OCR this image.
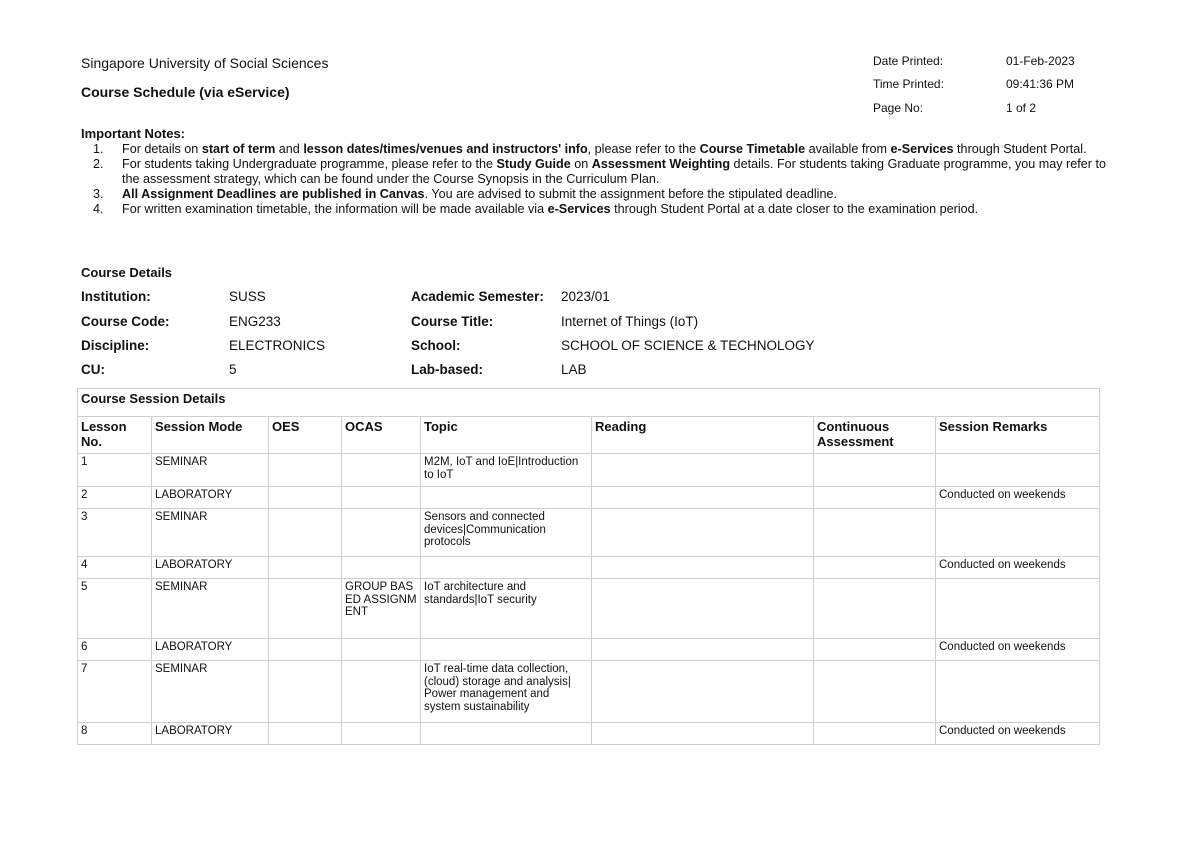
Singapore University of Social Sciences
Course Schedule (via eService)
Date Printed:	01-Feb-2023
Time Printed:	09:41:36 PM
Page No:	1 of 2
Important Notes:
1. For details on start of term and lesson dates/times/venues and instructors' info, please refer to the Course Timetable available from e-Services through Student Portal.
2. For students taking Undergraduate programme, please refer to the Study Guide on Assessment Weighting details. For students taking Graduate programme, you may refer to the assessment strategy, which can be found under the Course Synopsis in the Curriculum Plan.
3. All Assignment Deadlines are published in Canvas. You are advised to submit the assignment before the stipulated deadline.
4. For written examination timetable, the information will be made available via e-Services through Student Portal at a date closer to the examination period.
Course Details
Institution:	SUSS
Course Code:	ENG233
Discipline:	ELECTRONICS
CU:	5
Academic Semester: 2023/01
Course Title:	Internet of Things (IoT)
School:	SCHOOL OF SCIENCE & TECHNOLOGY
Lab-based:	LAB
Course Session Details							
Lesson No.	Session Mode	OES	OCAS	Topic	Reading	Continuous Assessment	Session Remarks
1	SEMINAR			M2M, IoT and IoE|Introduction to IoT			
2	LABORATORY						Conducted on weekends
3	SEMINAR			Sensors and connected devices|Communication protocols			
4	LABORATORY						Conducted on weekends
5	SEMINAR		GROUP BASED ASSIGNMENT	IoT architecture and standards|IoT security			
6	LABORATORY						Conducted on weekends
7	SEMINAR			IoT real-time data collection, (cloud) storage and analysis| Power management and system sustainability			
8	LABORATORY						Conducted on weekends
